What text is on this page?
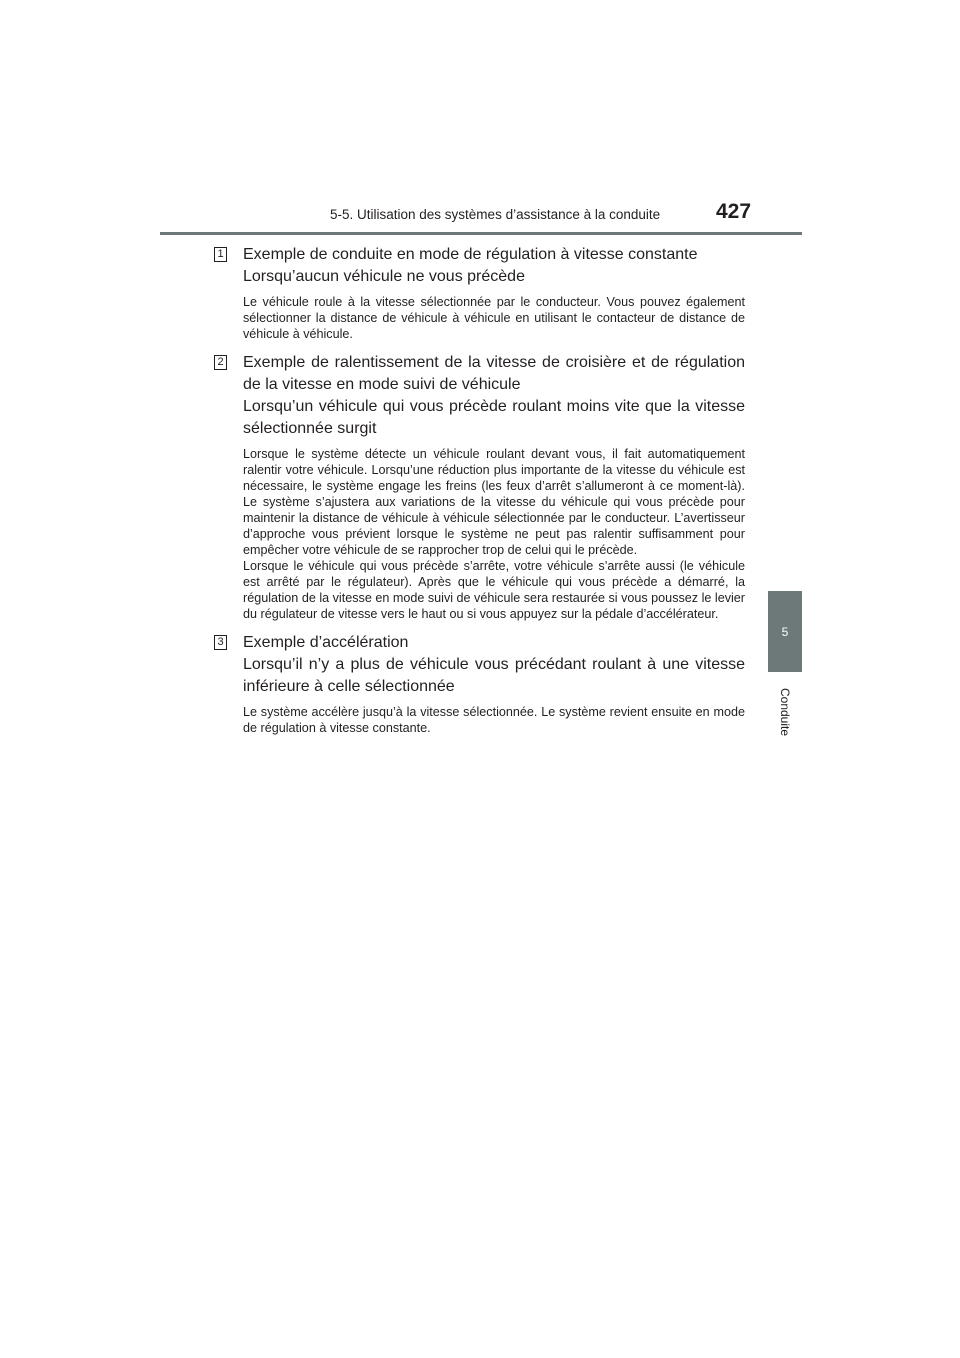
5-5. Utilisation des systèmes d’assistance à la conduite	427
5
Conduite
1 Exemple de conduite en mode de régulation à vitesse constante

Lorsqu’aucun véhicule ne vous précède

Le véhicule roule à la vitesse sélectionnée par le conducteur. Vous pouvez également sélectionner la distance de véhicule à véhicule en utilisant le contacteur de distance de véhicule à véhicule.

2 Exemple de ralentissement de la vitesse de croisière et de régulation de la vitesse en mode suivi de véhicule

Lorsqu’un véhicule qui vous précède roulant moins vite que la vitesse sélectionnée surgit

Lorsque le système détecte un véhicule roulant devant vous, il fait automatiquement ralentir votre véhicule. Lorsqu’une réduction plus importante de la vitesse du véhicule est nécessaire, le système engage les freins (les feux d’arrêt s’allumeront à ce moment-là). Le système s’ajustera aux variations de la vitesse du véhicule qui vous précède pour maintenir la distance de véhicule à véhicule sélectionnée par le conducteur. L’avertisseur d’approche vous prévient lorsque le système ne peut pas ralentir suffisamment pour empêcher votre véhicule de se rapprocher trop de celui qui le précède.

Lorsque le véhicule qui vous précède s’arrête, votre véhicule s’arrête aussi (le véhicule est arrêté par le régulateur). Après que le véhicule qui vous précède a démarré, la régulation de la vitesse en mode suivi de véhicule sera restaurée si vous poussez le levier du régulateur de vitesse vers le haut ou si vous appuyez sur la pédale d’accélérateur.

3 Exemple d’accélération

Lorsqu’il n’y a plus de véhicule vous précédant roulant à une vitesse inférieure à celle sélectionnée

Le système accélère jusqu’à la vitesse sélectionnée. Le système revient ensuite en mode de régulation à vitesse constante.
